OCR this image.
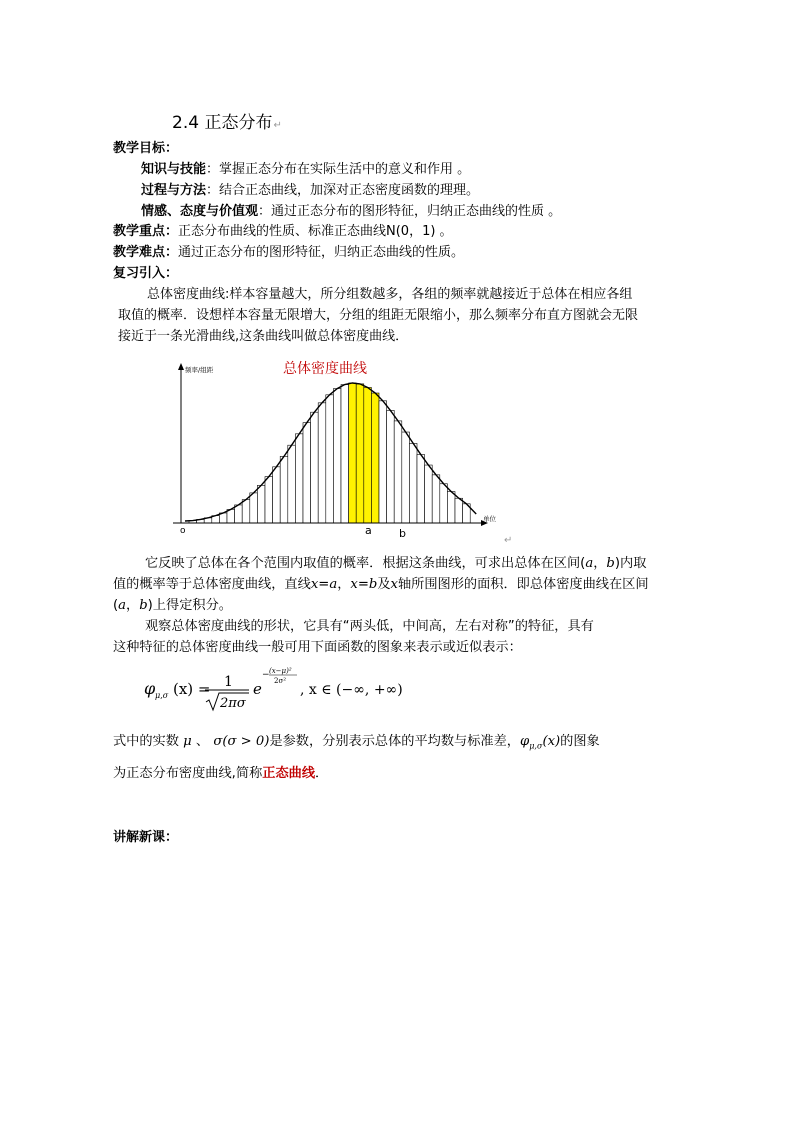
2.4 正态分布↵
教学目标：
知识与技能：掌握正态分布在实际生活中的意义和作用 。
过程与方法：结合正态曲线，加深对正态密度函数的理理。
情感、态度与价值观：通过正态分布的图形特征，归纳正态曲线的性质 。
教学重点：正态分布曲线的性质、标准正态曲线N(0，1) 。
教学难点：通过正态分布的图形特征，归纳正态曲线的性质。
复习引入：
总体密度曲线:样本容量越大，所分组数越多，各组的频率就越接近于总体在相应各组
取值的概率．设想样本容量无限增大，分组的组距无限缩小，那么频率分布直方图就会无限
接近于一条光滑曲线,这条曲线叫做总体密度曲线．
总体密度曲线
频率/组距
单位
o	a b
↵
它反映了总体在各个范围内取值的概率．根据这条曲线，可求出总体在区间(a，b)内取
值的概率等于总体密度曲线，直线x=a，x=b及x轴所围图形的面积．即总体密度曲线在区间
(a，b)上得定积分。
观察总体密度曲线的形状，它具有“两头低，中间高，左右对称”的特征，具有
这种特征的总体密度曲线一般可用下面函数的图象来表示或近似表示：
φ μ,σ (x) = 1
2πσ
e
− (x−μ)²
2σ²
, x ∈ (−∞, +∞)
式中的实数 μ 、 σ(σ > 0)是参数，分别表示总体的平均数与标准差，$\varphi_{\mu,\sigma}(x)$的图象
为正态分布密度曲线,简称正态曲线．
讲解新课：
